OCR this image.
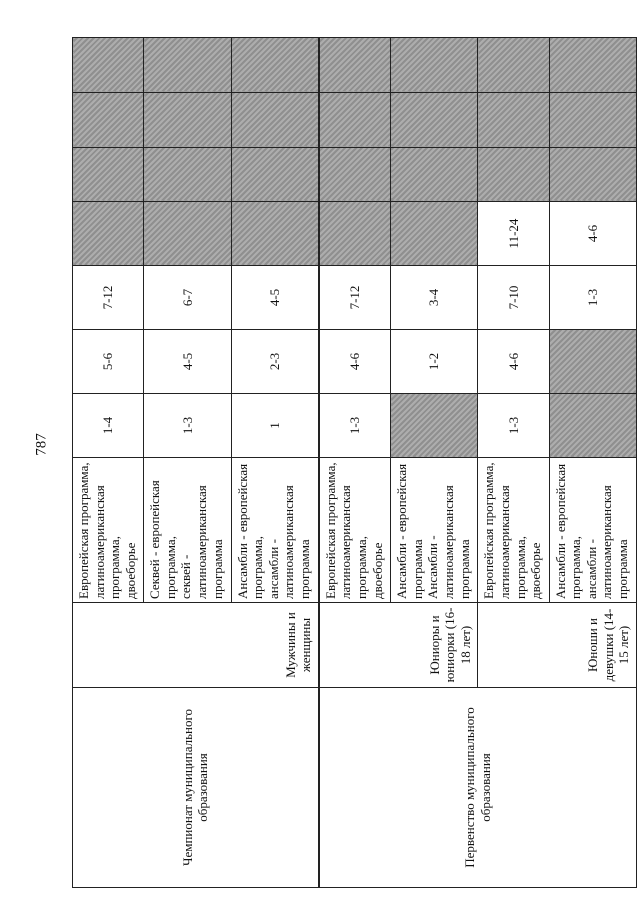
787
Чемпионат муниципального образования	Мужчины и женщины	Европейская программа,
латиноамериканская программа,
двоеборье	1-4	5-6	7-12				
		Секвей - европейская программа,
секвей - латиноамериканская
программа	1-3	4-5	6-7				
		Ансамбли - европейская
программа,
ансамбли - латиноамериканская
программа	1	2-3	4-5				
Первенство муниципального образования	Юниоры и юниорки (16-18 лет)	Европейская программа,
латиноамериканская программа,
двоеборье	1-3	4-6	7-12				
		Ансамбли - европейская
программа
Ансамбли - латиноамериканская
программа		1-2	3-4				
	Юноши и девушки (14-15 лет)	Европейская программа,
латиноамериканская программа,
двоеборье	1-3	4-6	7-10	11-24			
		Ансамбли - европейская
программа,
ансамбли - латиноамериканская
программа			1-3	4-6			
